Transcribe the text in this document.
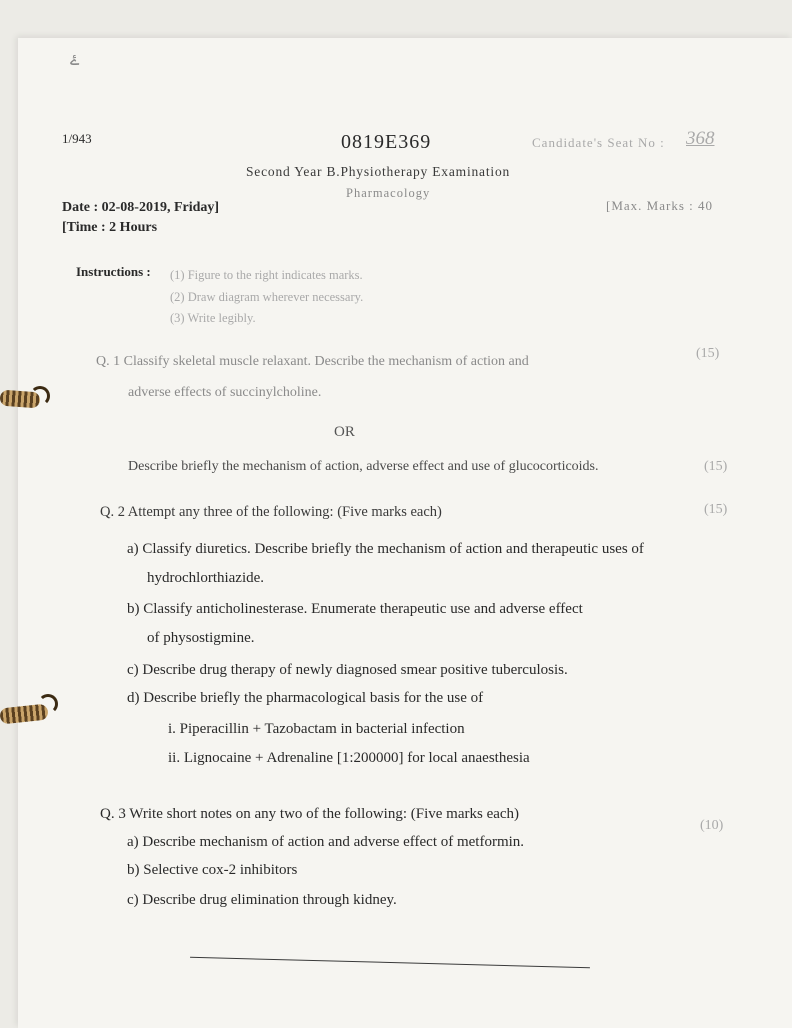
ۓ
1/943	0819E369	Candidate's Seat No : 368
Second Year B.Physiotherapy Examination
Pharmacology
Date : 02-08-2019, Friday]
[Time : 2 Hours
[Max. Marks : 40
Instructions : (1) Figure to the right indicates marks.
(2) Draw diagram wherever necessary.
(3) Write legibly.
Q. 1 Classify skeletal muscle relaxant. Describe the mechanism of action and
(15)
adverse effects of succinylcholine.
OR
Describe briefly the mechanism of action, adverse effect and use of glucocorticoids.	(15)
Q. 2 Attempt any three of the following: (Five marks each)	(15)
a) Classify diuretics. Describe briefly the mechanism of action and therapeutic uses of
hydrochlorthiazide.
b) Classify anticholinesterase. Enumerate therapeutic use and adverse effect
of physostigmine.
c) Describe drug therapy of newly diagnosed smear positive tuberculosis.
d) Describe briefly the pharmacological basis for the use of
i. Piperacillin + Tazobactam in bacterial infection
ii. Lignocaine + Adrenaline [1:200000] for local anaesthesia
Q. 3 Write short notes on any two of the following: (Five marks each)
(10)
a) Describe mechanism of action and adverse effect of metformin.
b) Selective cox-2 inhibitors
c) Describe drug elimination through kidney.
